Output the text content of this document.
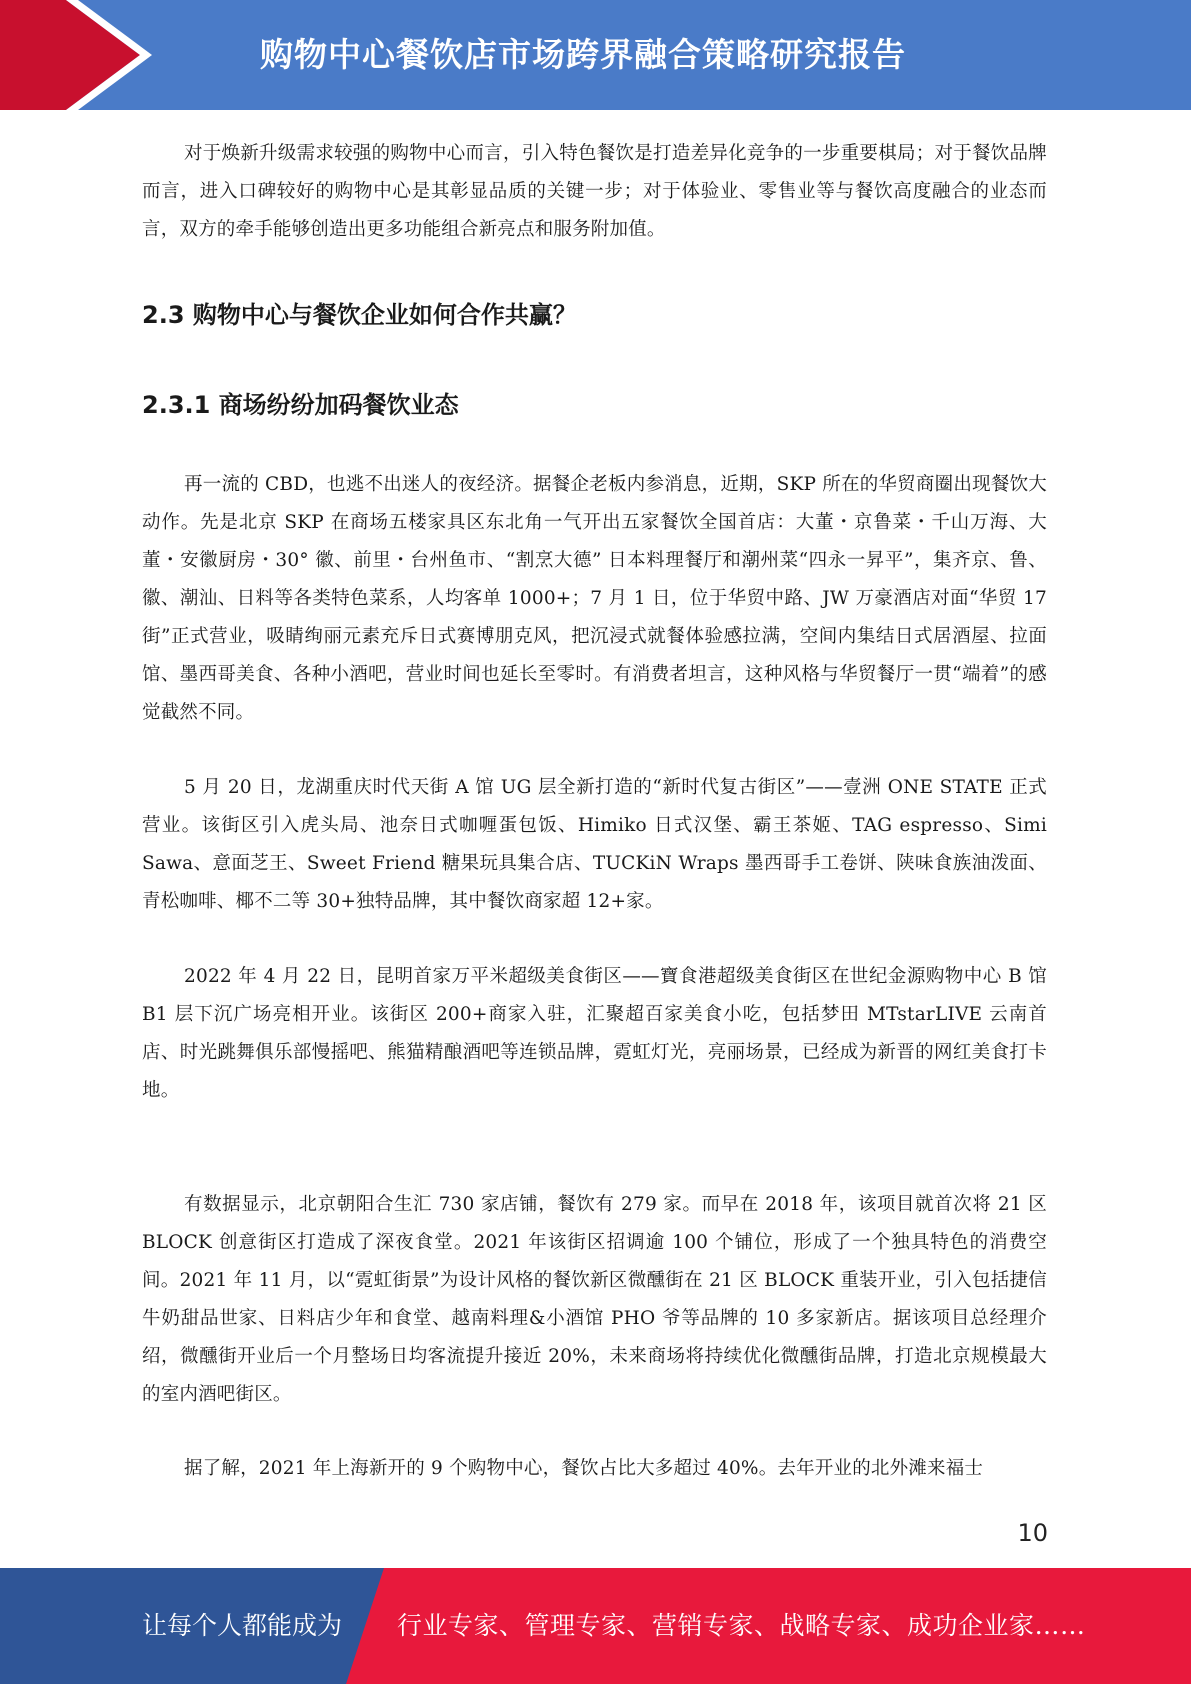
购物中心餐饮店市场跨界融合策略研究报告

对于焕新升级需求较强的购物中心而言，引入特色餐饮是打造差异化竞争的一步重要棋局；对于餐饮品牌而言，进入口碑较好的购物中心是其彰显品质的关键一步；对于体验业、零售业等与餐饮高度融合的业态而言，双方的牵手能够创造出更多功能组合新亮点和服务附加值。

2.3 购物中心与餐饮企业如何合作共赢？
2.3.1 商场纷纷加码餐饮业态

再一流的 CBD，也逃不出迷人的夜经济。据餐企老板内参消息，近期，SKP 所在的华贸商圈出现餐饮大动作。先是北京 SKP 在商场五楼家具区东北角一气开出五家餐饮全国首店：大董・京鲁菜・千山万海、大董・安徽厨房・30° 徽、前里・台州鱼市、“割烹大德” 日本料理餐厅和潮州菜“四永一昇平”，集齐京、鲁、徽、潮汕、日料等各类特色菜系，人均客单 1000+；7 月 1 日，位于华贸中路、JW 万豪酒店对面“华贸 17 街”正式营业，吸睛绚丽元素充斥日式赛博朋克风，把沉浸式就餐体验感拉满，空间内集结日式居酒屋、拉面馆、墨西哥美食、各种小酒吧，营业时间也延长至零时。有消费者坦言，这种风格与华贸餐厅一贯“端着”的感觉截然不同。

5 月 20 日，龙湖重庆时代天街 A 馆 UG 层全新打造的“新时代复古街区”——壹洲 ONE STATE 正式营业。该街区引入虎头局、池奈日式咖喱蛋包饭、Himiko 日式汉堡、霸王茶姬、TAG espresso、Simi Sawa、意面芝王、Sweet Friend 糖果玩具集合店、TUCKiN Wraps 墨西哥手工卷饼、陕味食族油泼面、青松咖啡、椰不二等 30+独特品牌，其中餐饮商家超 12+家。

2022 年 4 月 22 日，昆明首家万平米超级美食街区——寶食港超级美食街区在世纪金源购物中心 B 馆 B1 层下沉广场亮相开业。该街区 200+商家入驻，汇聚超百家美食小吃，包括梦田 MTstarLIVE 云南首店、时光跳舞俱乐部慢摇吧、熊猫精酿酒吧等连锁品牌，霓虹灯光，亮丽场景，已经成为新晋的网红美食打卡地。

有数据显示，北京朝阳合生汇 730 家店铺，餐饮有 279 家。而早在 2018 年，该项目就首次将 21 区 BLOCK 创意街区打造成了深夜食堂。2021 年该街区招调逾 100 个铺位，形成了一个独具特色的消费空间。2021 年 11 月，以“霓虹街景”为设计风格的餐饮新区微醺街在 21 区 BLOCK 重装开业，引入包括捷信牛奶甜品世家、日料店少年和食堂、越南料理&小酒馆 PHO 爷等品牌的 10 多家新店。据该项目总经理介绍，微醺街开业后一个月整场日均客流提升接近 20%，未来商场将持续优化微醺街品牌，打造北京规模最大的室内酒吧街区。

据了解，2021 年上海新开的 9 个购物中心，餐饮占比大多超过 40%。去年开业的北外滩来福士

10
让每个人都能成为 行业专家、管理专家、营销专家、战略专家、成功企业家……
